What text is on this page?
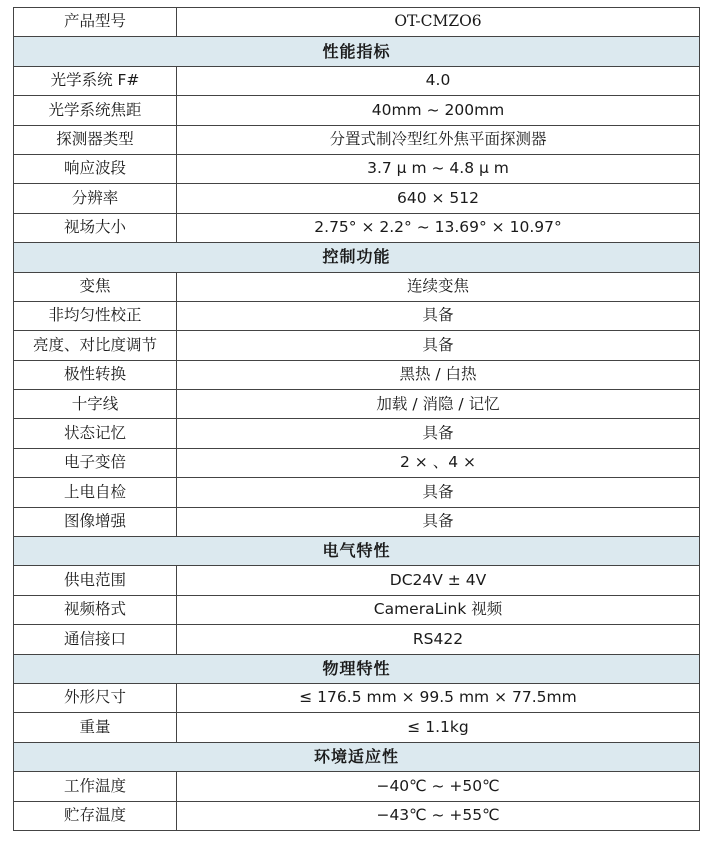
产品型号	OT-CMZO6
性能指标	
光学系统 F#	4.0
光学系统焦距	40mm ~ 200mm
探测器类型	分置式制冷型红外焦平面探测器
响应波段	3.7 μ m ~ 4.8 μ m
分辨率	640 × 512
视场大小	2.75° × 2.2° ~ 13.69° × 10.97°
控制功能	
变焦	连续变焦
非均匀性校正	具备
亮度、对比度调节	具备
极性转换	黑热 / 白热
十字线	加载 / 消隐 / 记忆
状态记忆	具备
电子变倍	2 × 、4 ×
上电自检	具备
图像增强	具备
电气特性	
供电范围	DC24V ± 4V
视频格式	CameraLink 视频
通信接口	RS422
物理特性	
外形尺寸	≤ 176.5 mm × 99.5 mm × 77.5mm
重量	≤ 1.1kg
环境适应性	
工作温度	−40℃ ~ +50℃
贮存温度	−43℃ ~ +55℃
